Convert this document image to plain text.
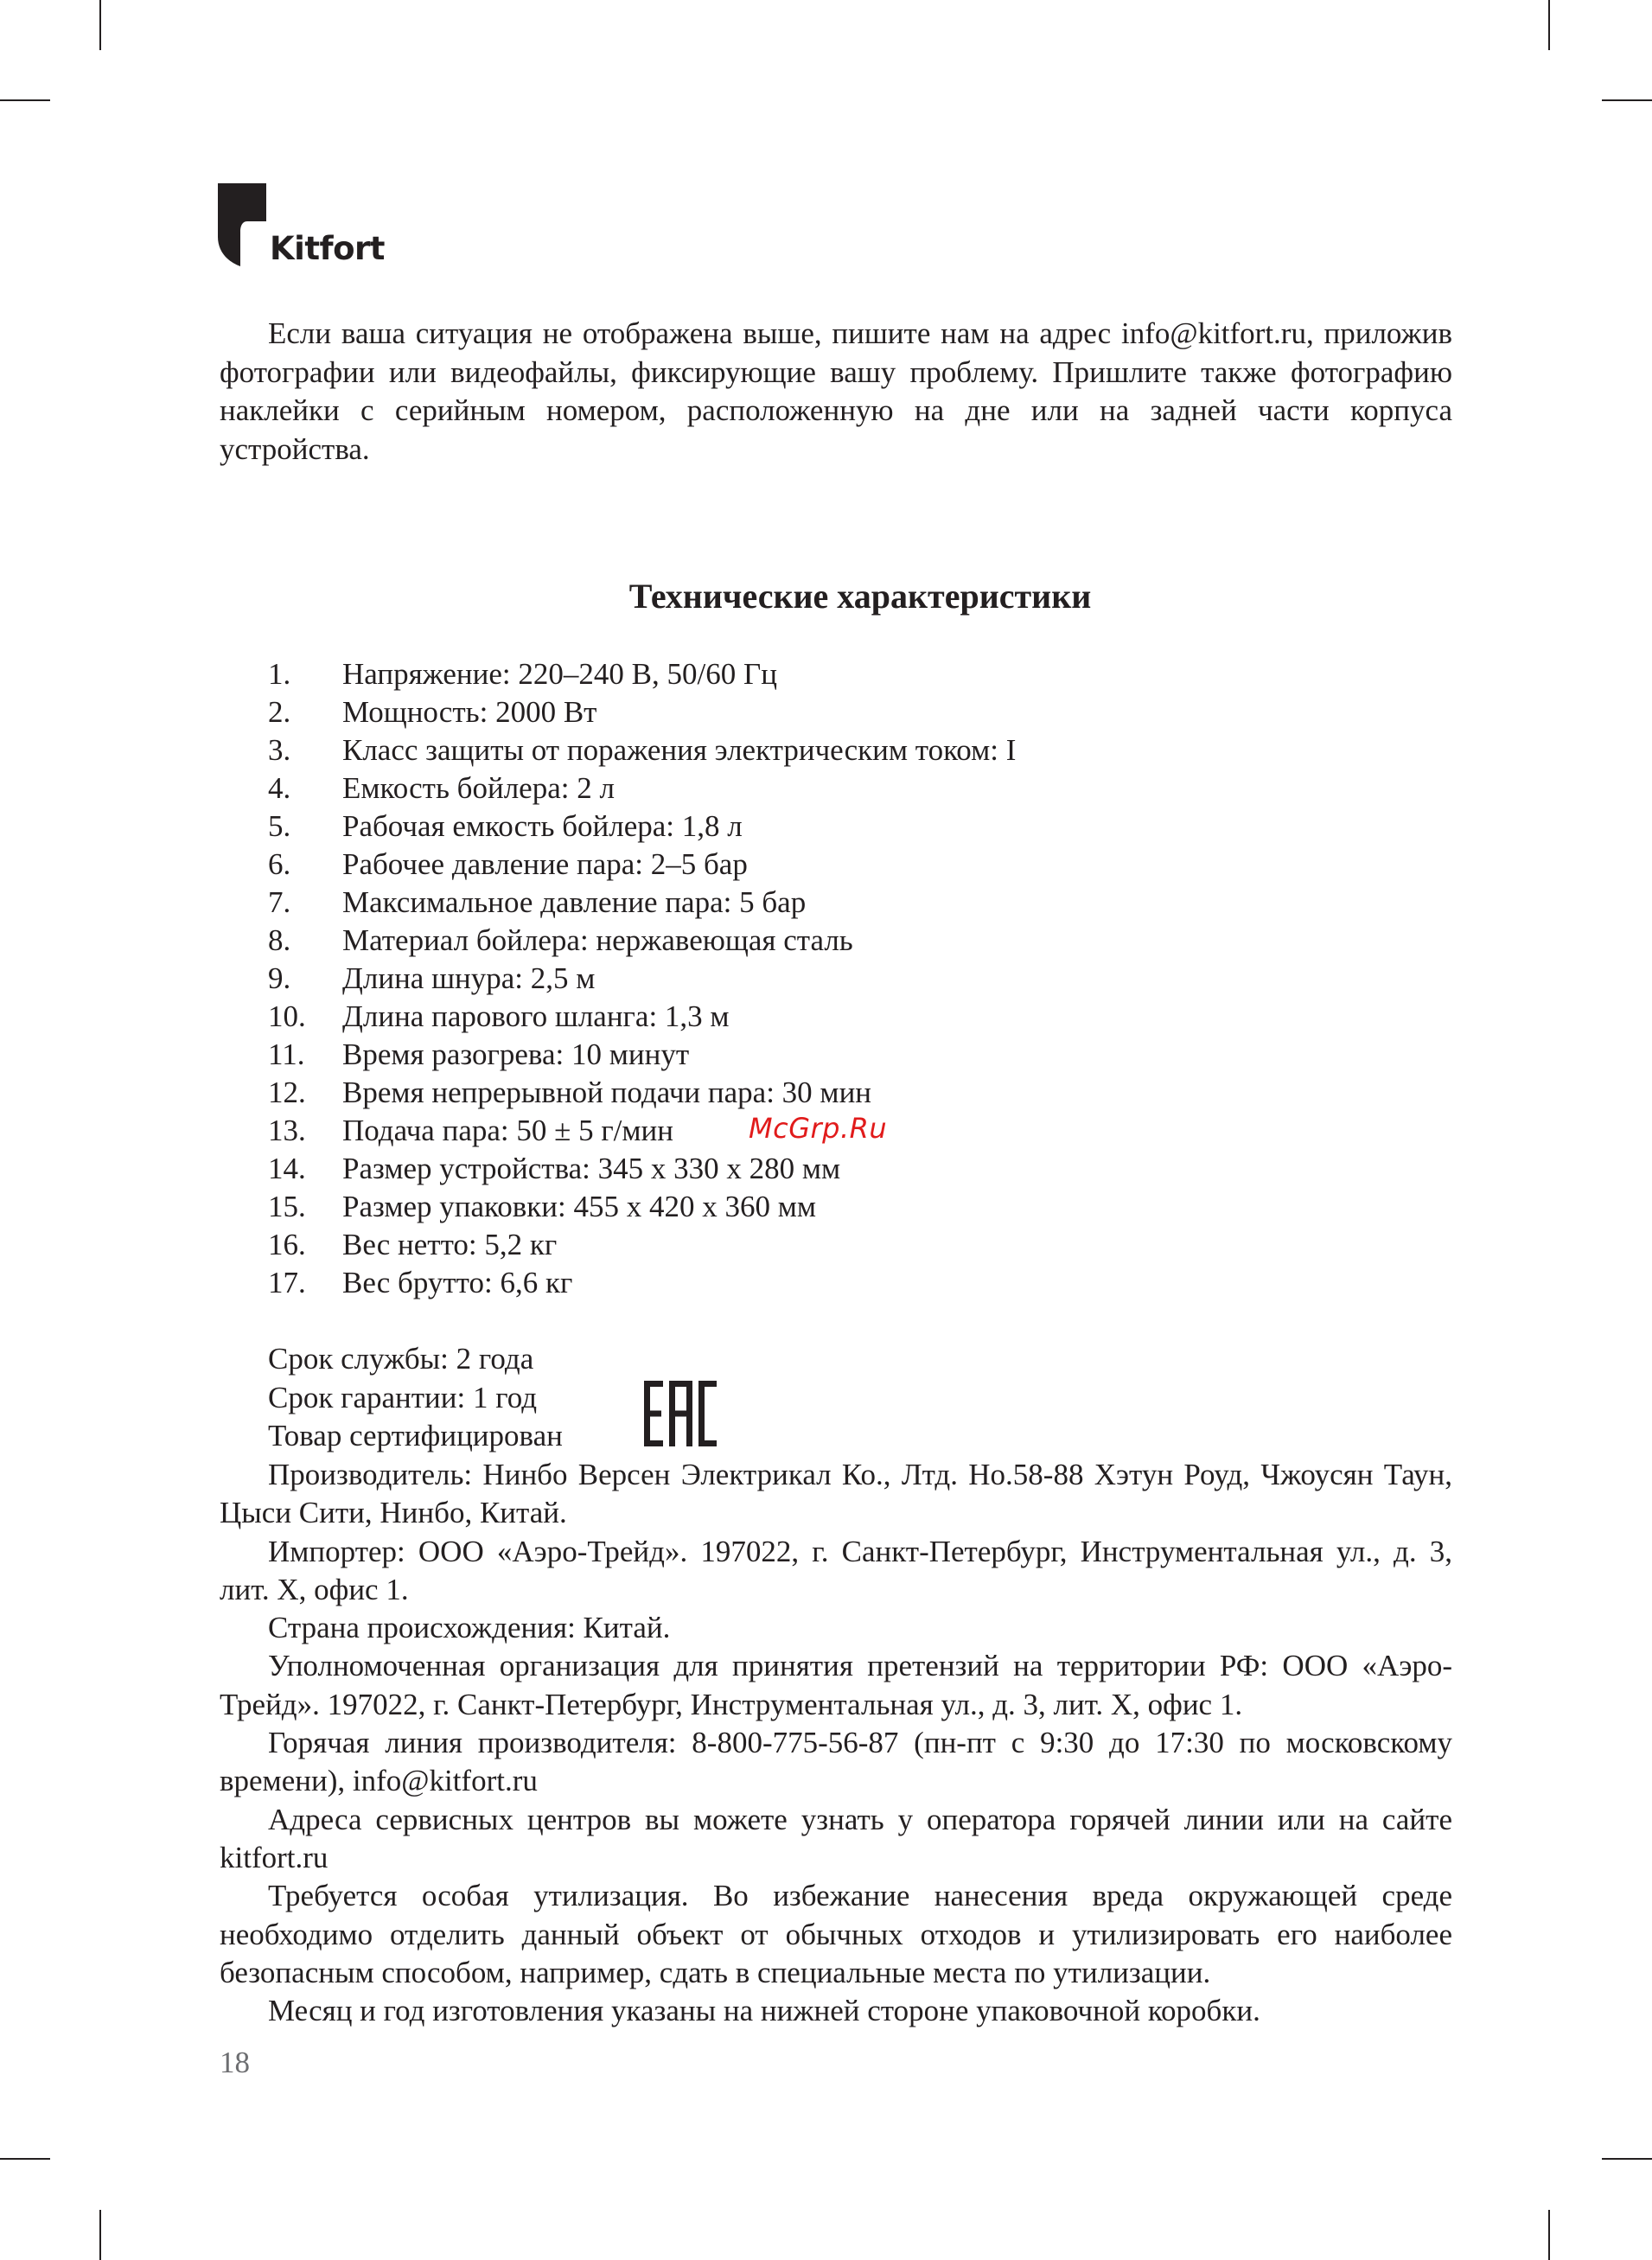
Kitfort

Если ваша ситуация не отображена выше, пишите нам на адрес info@kitfort.ru, приложив фотографии или видеофайлы, фиксирующие вашу проблему. Пришлите также фотографию наклейки с серийным номером, расположенную на дне или на задней части корпуса устройства.

Технические характеристики
1.	Напряжение: 220–240 В, 50/60 Гц
2.	Мощность: 2000 Вт
3.	Класс защиты от поражения электрическим током: I
4.	Емкость бойлера: 2 л
5.	Рабочая емкость бойлера: 1,8 л
6.	Рабочее давление пара: 2–5 бар
7.	Максимальное давление пара: 5 бар
8.	Материал бойлера: нержавеющая сталь
9.	Длина шнура: 2,5 м
10.	Длина парового шланга: 1,3 м
11.	Время разогрева: 10 минут
12.	Время непрерывной подачи пара: 30 мин
13.	Подача пара: 50 ± 5 г/мин
14.	Размер устройства: 345 x 330 x 280 мм
15.	Размер упаковки: 455 x 420 x 360 мм
16.	Вес нетто: 5,2 кг
17.	Вес брутто: 6,6 кг
McGrp.Ru
Срок службы: 2 года
Срок гарантии: 1 год
Товар сертифицирован

Производитель: Нинбо Версен Электрикал Ко., Лтд. Но.58-88 Хэтун Роуд, Чжоусян Таун, Цыси Сити, Нинбо, Китай.

Импортер: ООО «Аэро-Трейд». 197022, г. Санкт-Петербург, Инструментальная ул., д. 3, лит. Х, офис 1.

Страна происхождения: Китай.

Уполномоченная организация для принятия претензий на территории РФ: ООО «Аэро-Трейд». 197022, г. Санкт-Петербург, Инструментальная ул., д. 3, лит. Х, офис 1.

Горячая линия производителя: 8-800-775-56-87 (пн-пт с 9:30 до 17:30 по московскому времени), info@kitfort.ru

Адреса сервисных центров вы можете узнать у оператора горячей линии или на сайте kitfort.ru

Требуется особая утилизация. Во избежание нанесения вреда окружающей среде необходимо отделить данный объект от обычных отходов и утилизировать его наиболее безопасным способом, например, сдать в специальные места по утилизации.

Месяц и год изготовления указаны на нижней стороне упаковочной коробки.

18
